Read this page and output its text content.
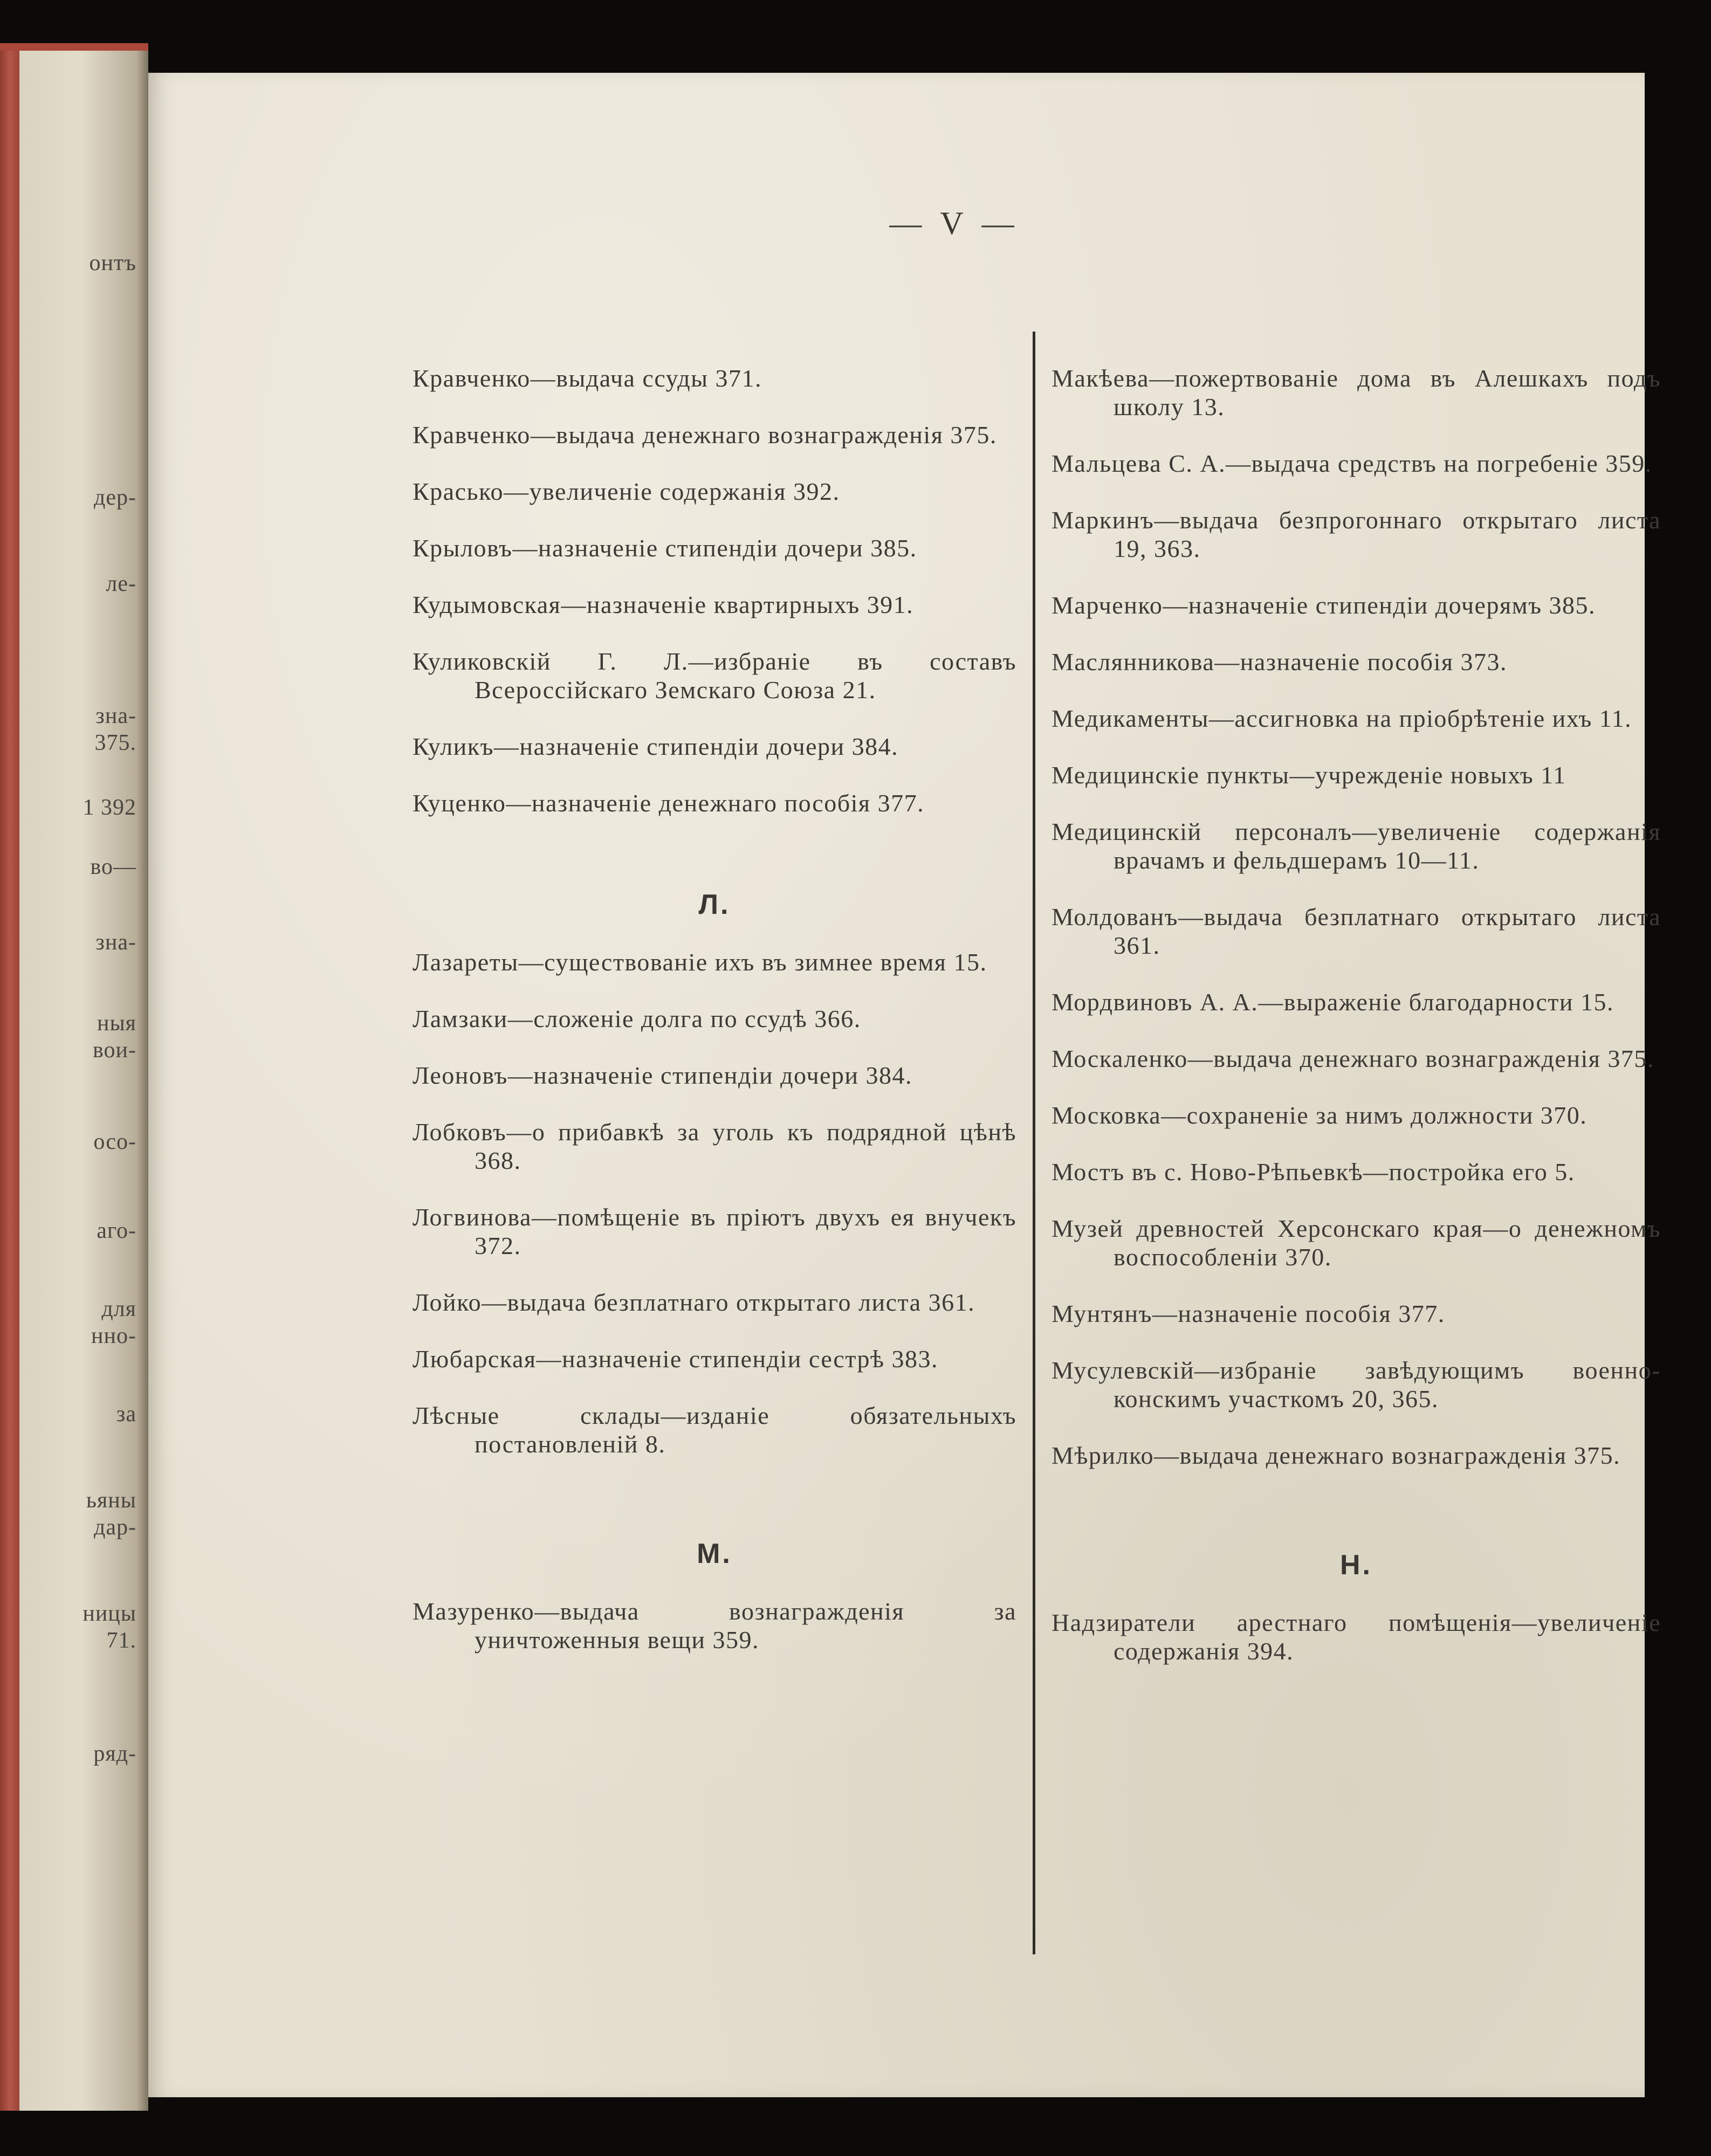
онтъ
дер-
ле-
зна-
375.
1 392
во—
зна-
ныя
вои-
осо-
аго-
для
нно-
за
ьяны
дар-
ницы
71.
ряд-
— V —
Кравченко—выдача ссуды 371.
Кравченко—выдача денежнаго вознагражденія 375.
Красько—увеличеніе содержанія 392.
Крыловъ—назначеніе стипендіи дочери 385.
Кудымовская—назначеніе квартирныхъ 391.
Куликовскій Г. Л.—избраніе въ составъ Всероссійскаго Земскаго Союза 21.
Куликъ—назначеніе стипендіи дочери 384.
Куценко—назначеніе денежнаго пособія 377.
Л.
Лазареты—существованіе ихъ въ зимнее время 15.
Ламзаки—сложеніе долга по ссудѣ 366.
Леоновъ—назначеніе стипендіи дочери 384.
Лобковъ—о прибавкѣ за уголь къ подрядной цѣнѣ 368.
Логвинова—помѣщеніе въ пріютъ двухъ ея внучекъ 372.
Лойко—выдача безплатнаго открытаго листа 361.
Любарская—назначеніе стипендіи сестрѣ 383.
Лѣсные склады—изданіе обязательныхъ постановленій 8.
М.
Мазуренко—выдача вознагражденія за уничтоженныя вещи 359.
Макѣева—пожертвованіе дома въ Алешкахъ подъ школу 13.
Мальцева С. А.—выдача средствъ на погребеніе 359.
Маркинъ—выдача безпрогоннаго открытаго листа 19, 363.
Марченко—назначеніе стипендіи дочерямъ 385.
Маслянникова—назначеніе пособія 373.
Медикаменты—ассигновка на пріобрѣтеніе ихъ 11.
Медицинскіе пункты—учрежденіе новыхъ 11
Медицинскій персоналъ—увеличеніе содержанія врачамъ и фельдшерамъ 10—11.
Молдованъ—выдача безплатнаго открытаго листа 361.
Мордвиновъ А. А.—выраженіе благодарности 15.
Москаленко—выдача денежнаго вознагражденія 375.
Московка—сохраненіе за нимъ должности 370.
Мостъ въ с. Ново-Рѣпьевкѣ—постройка его 5.
Музей древностей Херсонскаго края—о денежномъ воспособленіи 370.
Мунтянъ—назначеніе пособія 377.
Мусулевскій—избраніе завѣдующимъ военно-конскимъ участкомъ 20, 365.
Мѣрилко—выдача денежнаго вознагражденія 375.
Н.
Надзиратели арестнаго помѣщенія—увеличеніе содержанія 394.
